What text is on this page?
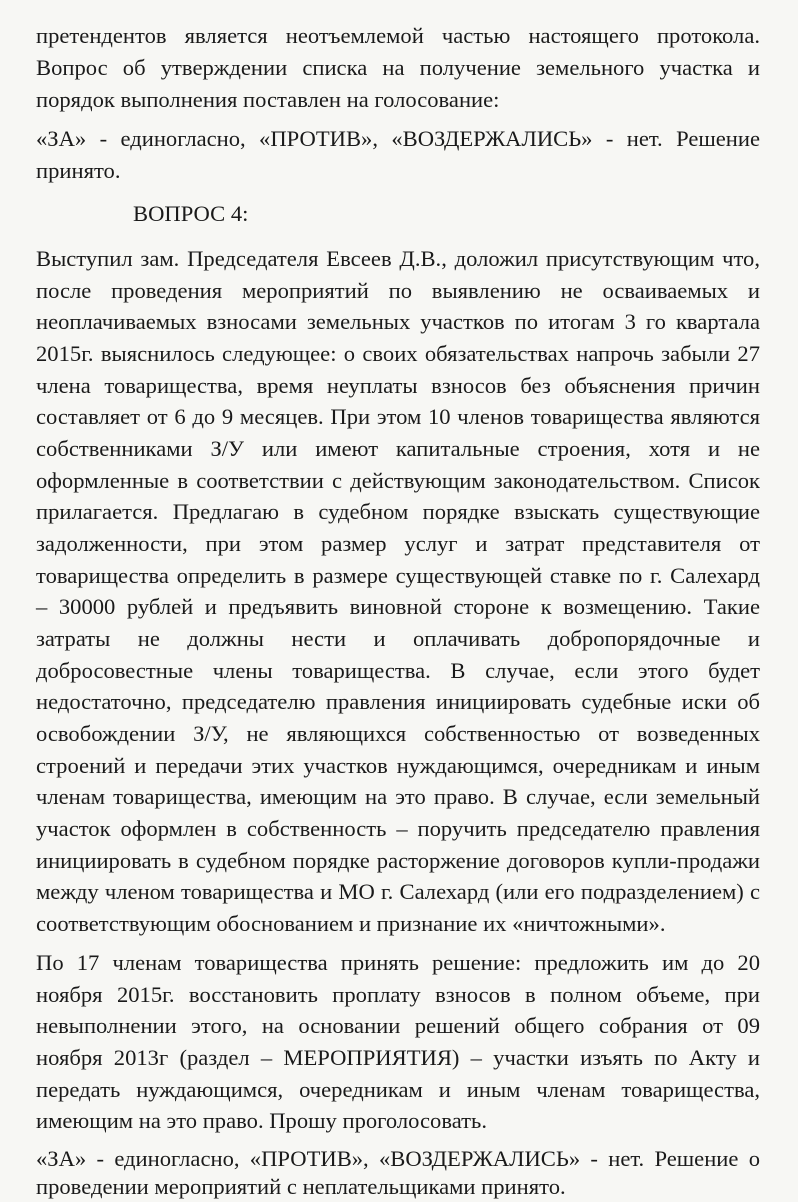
претендентов является неотъемлемой частью настоящего протокола.
Вопрос об утверждении списка на получение земельного участка и
порядок выполнения поставлен на голосование:
«ЗА» - единогласно, «ПРОТИВ», «ВОЗДЕРЖАЛИСЬ» - нет. Решение
принято.
ВОПРОС 4:
Выступил зам. Председателя Евсеев Д.В., доложил присутствующим что,
после проведения мероприятий по выявлению не осваиваемых и
неоплачиваемых взносами земельных участков по итогам 3 го квартала
2015г. выяснилось следующее: о своих обязательствах напрочь забыли 27
члена товарищества, время неуплаты взносов без объяснения причин
составляет от 6 до 9 месяцев. При этом 10 членов товарищества являются
собственниками З/У или имеют капитальные строения, хотя и не
оформленные в соответствии с действующим законодательством. Список
прилагается. Предлагаю в судебном порядке взыскать существующие
задолженности, при этом размер услуг и затрат представителя от
товарищества определить в размере существующей ставке по г. Салехард
– 30000 рублей и предъявить виновной стороне к возмещению. Такие
затраты не должны нести и оплачивать добропорядочные и
добросовестные члены товарищества. В случае, если этого будет
недостаточно, председателю правления инициировать судебные иски об
освобождении З/У, не являющихся собственностью от возведенных
строений и передачи этих участков нуждающимся, очередникам и иным
членам товарищества, имеющим на это право. В случае, если земельный
участок оформлен в собственность – поручить председателю правления
инициировать в судебном порядке расторжение договоров купли-продажи
между членом товарищества и МО г. Салехард (или его подразделением) с
соответствующим обоснованием и признание их «ничтожными».
По 17 членам товарищества принять решение: предложить им до 20
ноября 2015г. восстановить проплату взносов в полном объеме, при
невыполнении этого, на основании решений общего собрания от 09
ноября 2013г (раздел – МЕРОПРИЯТИЯ) – участки изъять по Акту и
передать нуждающимся, очередникам и иным членам товарищества,
имеющим на это право. Прошу проголосовать.
«ЗА» - единогласно, «ПРОТИВ», «ВОЗДЕРЖАЛИСЬ» - нет. Решение о
проведении мероприятий с неплательщиками принято.
